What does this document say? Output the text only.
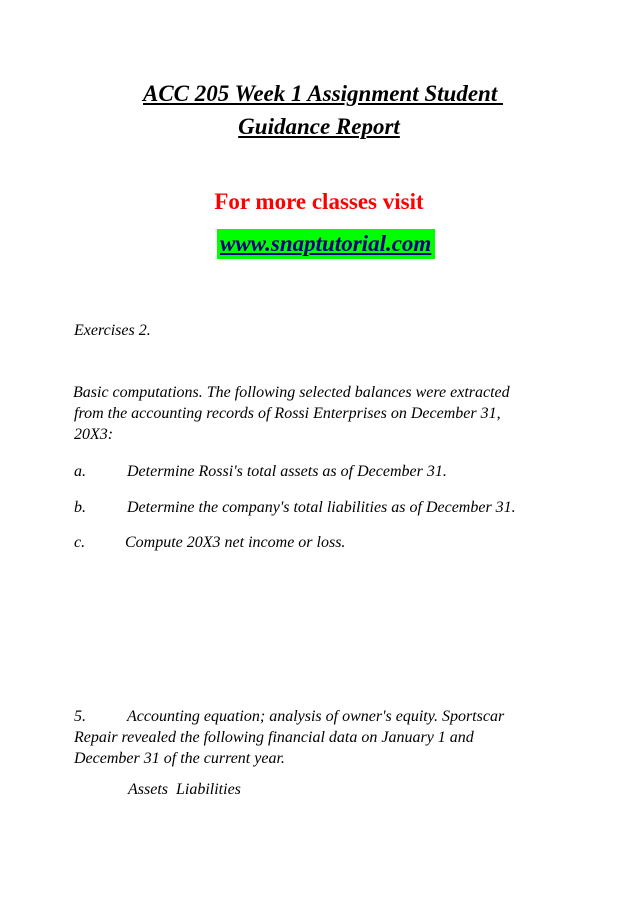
ACC 205 Week 1 Assignment Student
Guidance Report
For more classes visit
www.snaptutorial.com
Exercises 2.
Basic computations. The following selected balances were extracted
from the accounting records of Rossi Enterprises on December 31,
20X3:
a.	Determine Rossi's total assets as of December 31.
b.	Determine the company's total liabilities as of December 31.
c. Compute 20X3 net income or loss.
5.	Accounting equation; analysis of owner's equity. Sportscar
Repair revealed the following financial data on January 1 and
December 31 of the current year.
Assets  Liabilities
